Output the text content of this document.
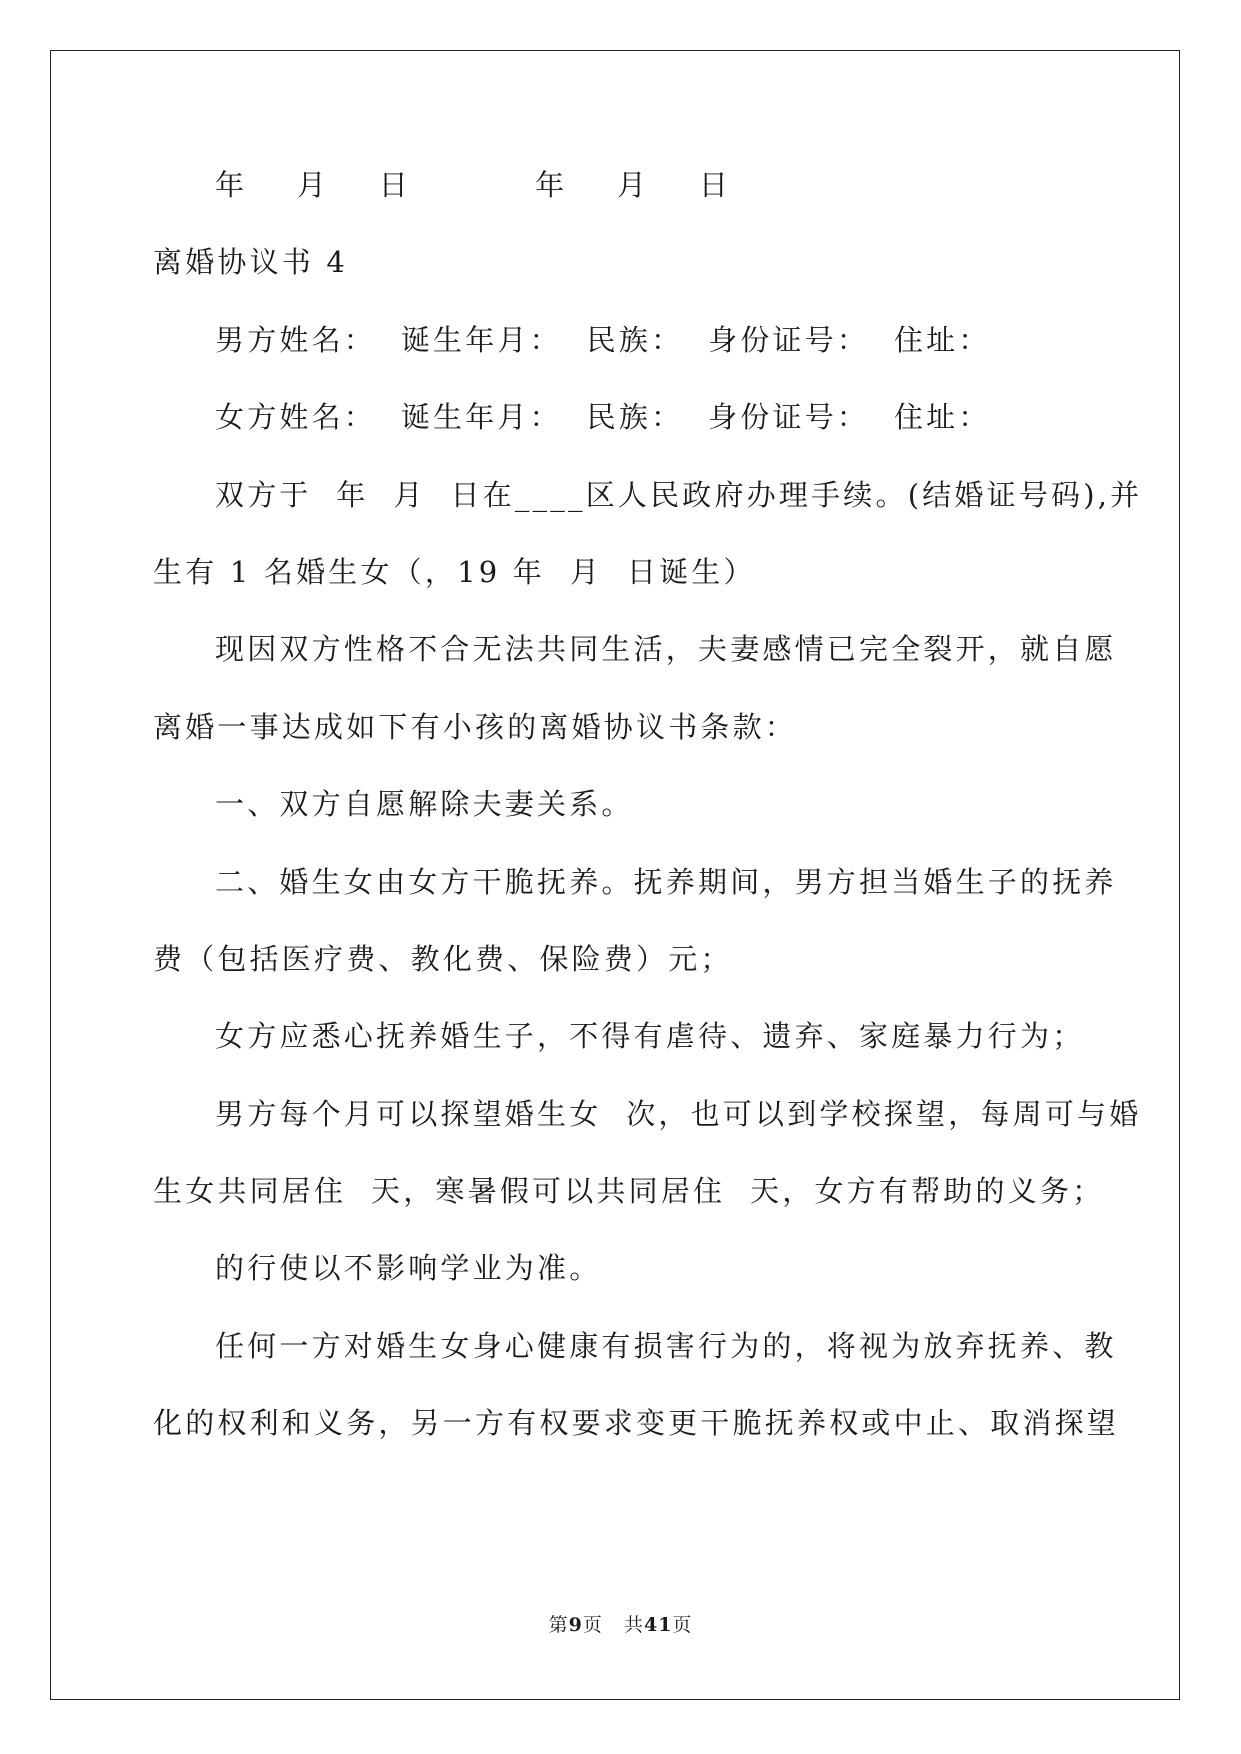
年    月    日          年    月    日
离婚协议书 4
男方姓名：  诞生年月：  民族：  身份证号：  住址：
女方姓名：  诞生年月：  民族：  身份证号：  住址：
双方于  年  月  日在____区人民政府办理手续。(结婚证号码),并
生有 1 名婚生女（，19 年  月  日诞生）
现因双方性格不合无法共同生活，夫妻感情已完全裂开，就自愿
离婚一事达成如下有小孩的离婚协议书条款：
一、双方自愿解除夫妻关系。
二、婚生女由女方干脆抚养。抚养期间，男方担当婚生子的抚养
费（包括医疗费、教化费、保险费）元；
女方应悉心抚养婚生子，不得有虐待、遗弃、家庭暴力行为；
男方每个月可以探望婚生女  次，也可以到学校探望，每周可与婚
生女共同居住  天，寒暑假可以共同居住  天，女方有帮助的义务；
的行使以不影响学业为准。
任何一方对婚生女身心健康有损害行为的，将视为放弃抚养、教
化的权利和义务，另一方有权要求变更干脆抚养权或中止、取消探望
第9页 共41页
